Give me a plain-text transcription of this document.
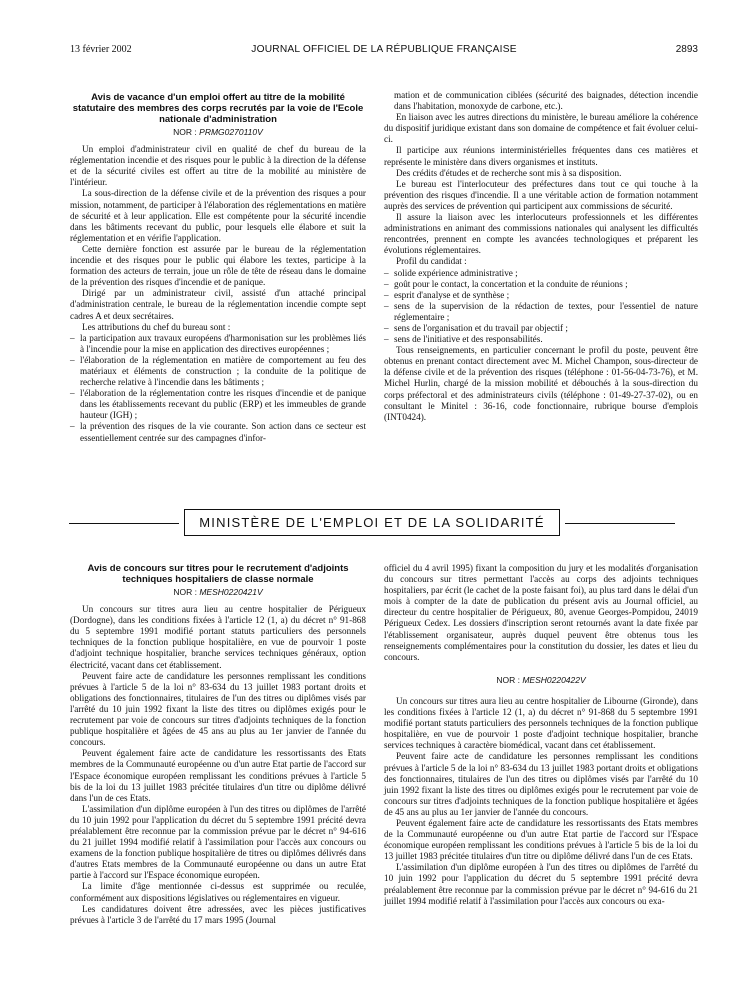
13 février 2002	JOURNAL OFFICIEL DE LA RÉPUBLIQUE FRANÇAISE	2893
Avis de vacance d'un emploi offert au titre de la mobilité statutaire des membres des corps recrutés par la voie de l'Ecole nationale d'administration
NOR : PRMG0270110V

Un emploi d'administrateur civil en qualité de chef du bureau de la réglementation incendie et des risques pour le public à la direction de la défense et de la sécurité civiles est offert au titre de la mobilité au ministère de l'intérieur.

La sous-direction de la défense civile et de la prévention des risques a pour mission, notamment, de participer à l'élaboration des réglementations en matière de sécurité et à leur application. Elle est compétente pour la sécurité incendie dans les bâtiments recevant du public, pour lesquels elle élabore et suit la réglementation et en vérifie l'application.

Cette dernière fonction est assurée par le bureau de la réglementation incendie et des risques pour le public qui élabore les textes, participe à la formation des acteurs de terrain, joue un rôle de tête de réseau dans le domaine de la prévention des risques d'incendie et de panique.

Dirigé par un administrateur civil, assisté d'un attaché principal d'administration centrale, le bureau de la réglementation incendie compte sept cadres A et deux secrétaires.

Les attributions du chef du bureau sont :

– la participation aux travaux européens d'harmonisation sur les problèmes liés à l'incendie pour la mise en application des directives européennes ;

– l'élaboration de la réglementation en matière de comportement au feu des matériaux et éléments de construction ; la conduite de la politique de recherche relative à l'incendie dans les bâtiments ;

– l'élaboration de la réglementation contre les risques d'incendie et de panique dans les établissements recevant du public (ERP) et les immeubles de grande hauteur (IGH) ;

– la prévention des risques de la vie courante. Son action dans ce secteur est essentiellement centrée sur des campagnes d'infor-

mation et de communication ciblées (sécurité des baignades, détection incendie dans l'habitation, monoxyde de carbone, etc.).

En liaison avec les autres directions du ministère, le bureau améliore la cohérence du dispositif juridique existant dans son domaine de compétence et fait évoluer celui-ci.

Il participe aux réunions interministérielles fréquentes dans ces matières et représente le ministère dans divers organismes et instituts.

Des crédits d'études et de recherche sont mis à sa disposition.

Le bureau est l'interlocuteur des préfectures dans tout ce qui touche à la prévention des risques d'incendie. Il a une véritable action de formation notamment auprès des services de prévention qui participent aux commissions de sécurité.

Il assure la liaison avec les interlocuteurs professionnels et les différentes administrations en animant des commissions nationales qui analysent les difficultés rencontrées, prennent en compte les avancées technologiques et préparent les évolutions réglementaires.

Profil du candidat :

– solide expérience administrative ;

– goût pour le contact, la concertation et la conduite de réunions ;

– esprit d'analyse et de synthèse ;

– sens de la supervision de la rédaction de textes, pour l'essentiel de nature réglementaire ;

– sens de l'organisation et du travail par objectif ;

– sens de l'initiative et des responsabilités.

Tous renseignements, en particulier concernant le profil du poste, peuvent être obtenus en prenant contact directement avec M. Michel Champon, sous-directeur de la défense civile et de la prévention des risques (téléphone : 01-56-04-73-76), et M. Michel Hurlin, chargé de la mission mobilité et débouchés à la sous-direction du corps préfectoral et des administrateurs civils (téléphone : 01-49-27-37-02), ou en consultant le Minitel : 36-16, code fonctionnaire, rubrique bourse d'emplois (INT0424).

MINISTÈRE DE L'EMPLOI ET DE LA SOLIDARITÉ
Avis de concours sur titres pour le recrutement d'adjoints techniques hospitaliers de classe normale
NOR : MESH0220421V

Un concours sur titres aura lieu au centre hospitalier de Périgueux (Dordogne), dans les conditions fixées à l'article 12 (1, a) du décret n° 91-868 du 5 septembre 1991 modifié portant statuts particuliers des personnels techniques de la fonction publique hospitalière, en vue de pourvoir 1 poste d'adjoint technique hospitalier, branche services techniques généraux, option électricité, vacant dans cet établissement.

Peuvent faire acte de candidature les personnes remplissant les conditions prévues à l'article 5 de la loi n° 83-634 du 13 juillet 1983 portant droits et obligations des fonctionnaires, titulaires de l'un des titres ou diplômes visés par l'arrêté du 10 juin 1992 fixant la liste des titres ou diplômes exigés pour le recrutement par voie de concours sur titres d'adjoints techniques de la fonction publique hospitalière et âgées de 45 ans au plus au 1er janvier de l'année du concours.

Peuvent également faire acte de candidature les ressortissants des Etats membres de la Communauté européenne ou d'un autre Etat partie de l'accord sur l'Espace économique européen remplissant les conditions prévues à l'article 5 bis de la loi du 13 juillet 1983 précitée titulaires d'un titre ou diplôme délivré dans l'un de ces Etats.

L'assimilation d'un diplôme européen à l'un des titres ou diplômes de l'arrêté du 10 juin 1992 pour l'application du décret du 5 septembre 1991 précité devra préalablement être reconnue par la commission prévue par le décret n° 94-616 du 21 juillet 1994 modifié relatif à l'assimilation pour l'accès aux concours ou examens de la fonction publique hospitalière de titres ou diplômes délivrés dans d'autres Etats membres de la Communauté européenne ou dans un autre Etat partie à l'accord sur l'Espace économique européen.

La limite d'âge mentionnée ci-dessus est supprimée ou reculée, conformément aux dispositions législatives ou réglementaires en vigueur.

Les candidatures doivent être adressées, avec les pièces justificatives prévues à l'article 3 de l'arrêté du 17 mars 1995 (Journal

officiel du 4 avril 1995) fixant la composition du jury et les modalités d'organisation du concours sur titres permettant l'accès au corps des adjoints techniques hospitaliers, par écrit (le cachet de la poste faisant foi), au plus tard dans le délai d'un mois à compter de la date de publication du présent avis au Journal officiel, au directeur du centre hospitalier de Périgueux, 80, avenue Georges-Pompidou, 24019 Périgueux Cedex. Les dossiers d'inscription seront retournés avant la date fixée par l'établissement organisateur, auprès duquel peuvent être obtenus tous les renseignements complémentaires pour la constitution du dossier, les dates et lieu du concours.

NOR : MESH0220422V

Un concours sur titres aura lieu au centre hospitalier de Libourne (Gironde), dans les conditions fixées à l'article 12 (1, a) du décret n° 91-868 du 5 septembre 1991 modifié portant statuts particuliers des personnels techniques de la fonction publique hospitalière, en vue de pourvoir 1 poste d'adjoint technique hospitalier, branche services techniques à caractère biomédical, vacant dans cet établissement.

Peuvent faire acte de candidature les personnes remplissant les conditions prévues à l'article 5 de la loi n° 83-634 du 13 juillet 1983 portant droits et obligations des fonctionnaires, titulaires de l'un des titres ou diplômes visés par l'arrêté du 10 juin 1992 fixant la liste des titres ou diplômes exigés pour le recrutement par voie de concours sur titres d'adjoints techniques de la fonction publique hospitalière et âgées de 45 ans au plus au 1er janvier de l'année du concours.

Peuvent également faire acte de candidature les ressortissants des Etats membres de la Communauté européenne ou d'un autre Etat partie de l'accord sur l'Espace économique européen remplissant les conditions prévues à l'article 5 bis de la loi du 13 juillet 1983 précitée titulaires d'un titre ou diplôme délivré dans l'un de ces Etats.

L'assimilation d'un diplôme européen à l'un des titres ou diplômes de l'arrêté du 10 juin 1992 pour l'application du décret du 5 septembre 1991 précité devra préalablement être reconnue par la commission prévue par le décret n° 94-616 du 21 juillet 1994 modifié relatif à l'assimilation pour l'accès aux concours ou exa-
